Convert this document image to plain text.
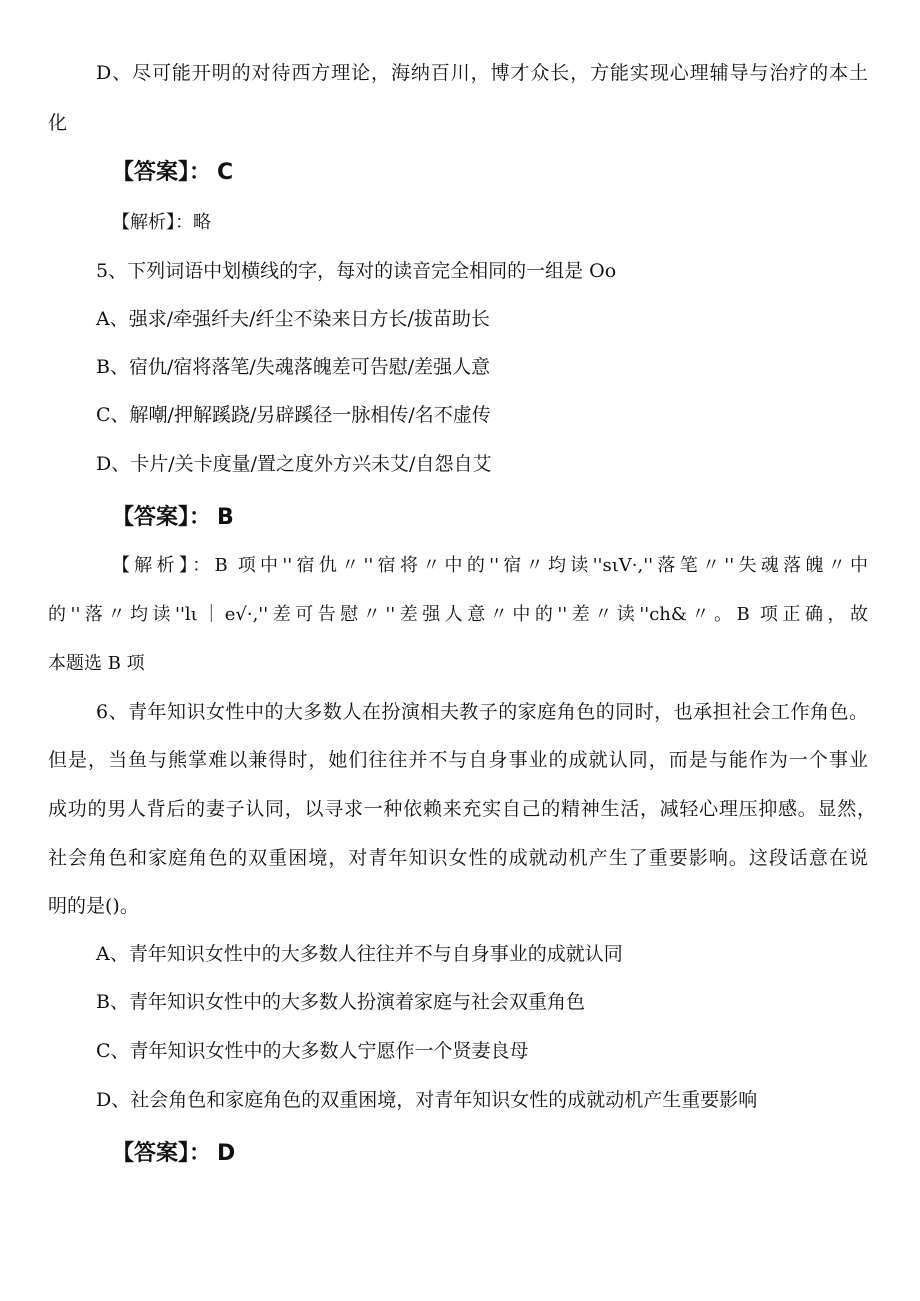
D、尽可能开明的对待西方理论，海纳百川，博才众长，方能实现心理辅导与治疗的本土
化
【答案】： C
【解析】：略
5、下列词语中划横线的字，每对的读音完全相同的一组是 Oo
A、强求/牵强纤夫/纤尘不染来日方长/拔苗助长
B、宿仇/宿将落笔/失魂落魄差可告慰/差强人意
C、解嘲/押解蹊跷/另辟蹊径一脉相传/名不虚传
D、卡片/关卡度量/置之度外方兴未艾/自怨自艾
【答案】： B
【解析】：B 项中''宿仇〃''宿将〃中的''宿〃均读''sιV·,''落笔〃''失魂落魄〃中
的''落〃均读''lι｜e√·,''差可告慰〃''差强人意〃中的''差〃读''ch&〃。B 项正确，故
本题选 B 项
6、青年知识女性中的大多数人在扮演相夫教子的家庭角色的同时，也承担社会工作角色。
但是，当鱼与熊掌难以兼得时，她们往往并不与自身事业的成就认同，而是与能作为一个事业
成功的男人背后的妻子认同，以寻求一种依赖来充实自己的精神生活，减轻心理压抑感。显然，
社会角色和家庭角色的双重困境，对青年知识女性的成就动机产生了重要影响。这段话意在说
明的是()。
A、青年知识女性中的大多数人往往并不与自身事业的成就认同
B、青年知识女性中的大多数人扮演着家庭与社会双重角色
C、青年知识女性中的大多数人宁愿作一个贤妻良母
D、社会角色和家庭角色的双重困境，对青年知识女性的成就动机产生重要影响
【答案】： D
